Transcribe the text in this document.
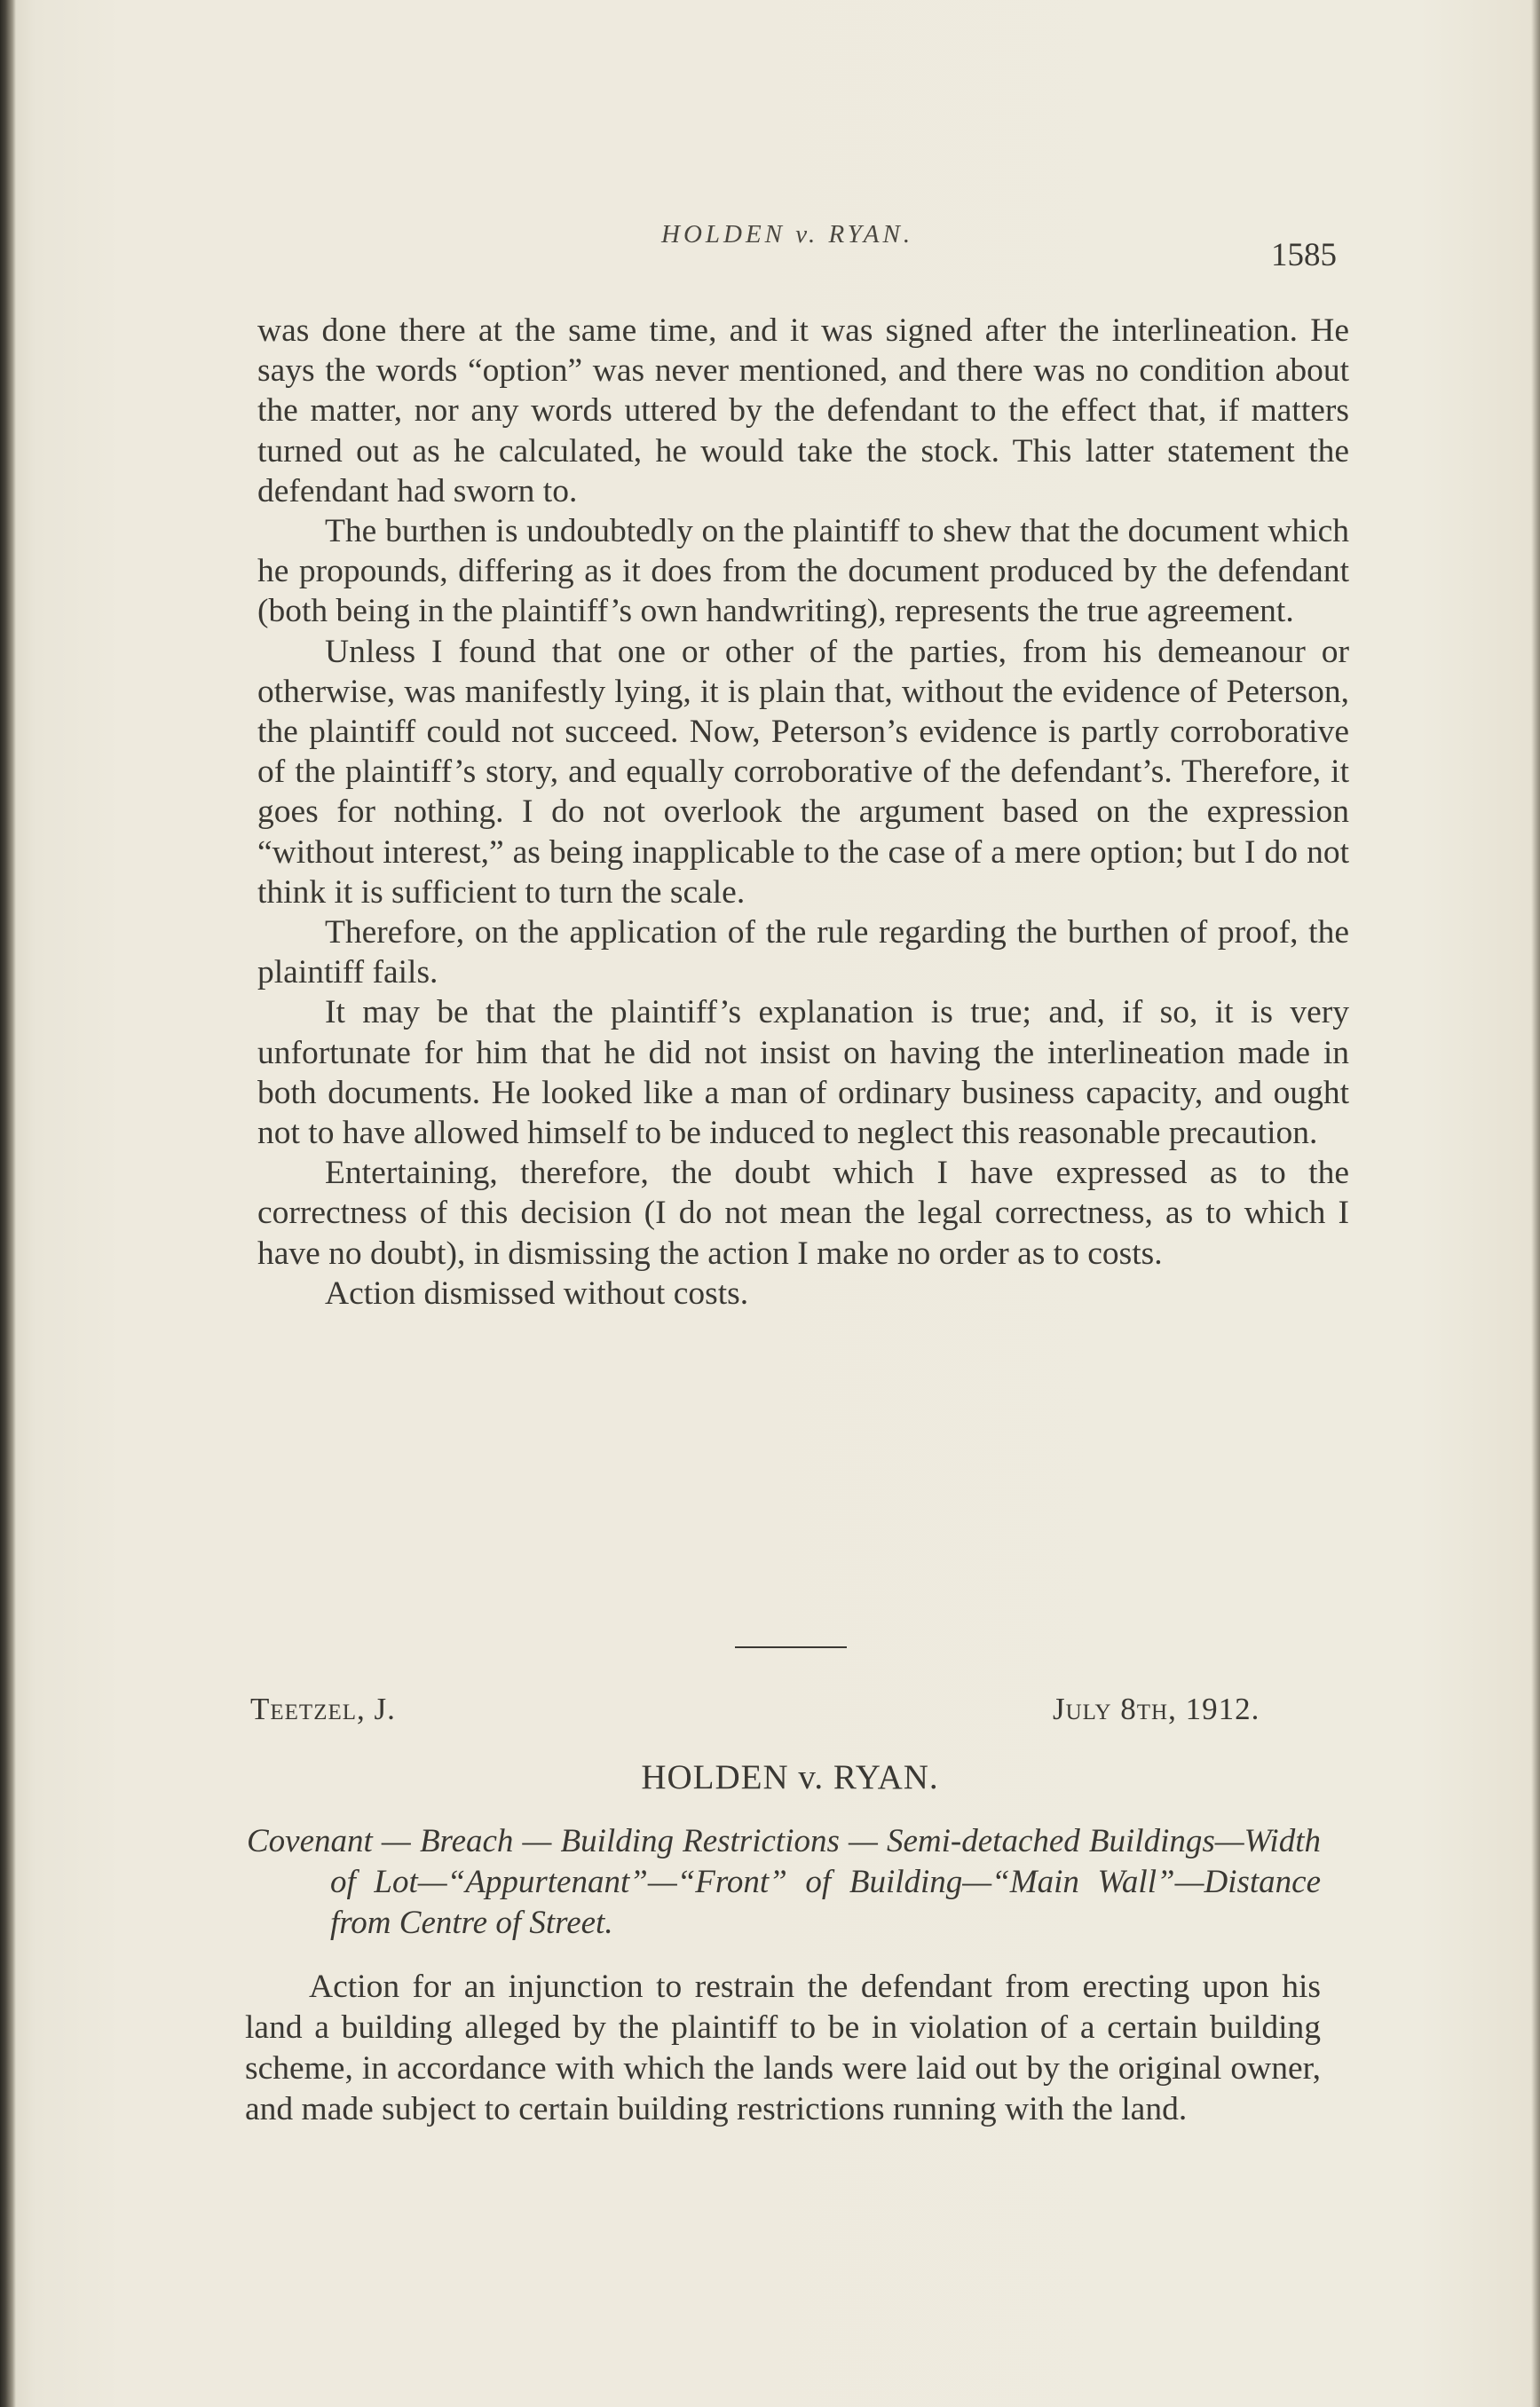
HOLDEN v. RYAN.
1585

was done there at the same time, and it was signed after the interlineation. He says the words “option” was never mentioned, and there was no condition about the matter, nor any words uttered by the defendant to the effect that, if matters turned out as he calculated, he would take the stock. This latter statement the defendant had sworn to.

The burthen is undoubtedly on the plaintiff to shew that the document which he propounds, differing as it does from the document produced by the defendant (both being in the plaintiff’s own handwriting), represents the true agreement.

Unless I found that one or other of the parties, from his demeanour or otherwise, was manifestly lying, it is plain that, without the evidence of Peterson, the plaintiff could not succeed. Now, Peterson’s evidence is partly corroborative of the plaintiff’s story, and equally corroborative of the defendant’s. Therefore, it goes for nothing. I do not overlook the argument based on the expression “without interest,” as being inapplicable to the case of a mere option; but I do not think it is sufficient to turn the scale.

Therefore, on the application of the rule regarding the burthen of proof, the plaintiff fails.

It may be that the plaintiff’s explanation is true; and, if so, it is very unfortunate for him that he did not insist on having the interlineation made in both documents. He looked like a man of ordinary business capacity, and ought not to have allowed himself to be induced to neglect this reasonable precaution.

Entertaining, therefore, the doubt which I have expressed as to the correctness of this decision (I do not mean the legal correctness, as to which I have no doubt), in dismissing the action I make no order as to costs.

Action dismissed without costs.

Teetzel, J.	July 8th, 1912.
HOLDEN v. RYAN.
Covenant — Breach — Building Restrictions — Semi-detached Buildings—Width of Lot—“Appurtenant”—“Front” of Building—“Main Wall”—Distance from Centre of Street.
Action for an injunction to restrain the defendant from erecting upon his land a building alleged by the plaintiff to be in violation of a certain building scheme, in accordance with which the lands were laid out by the original owner, and made subject to certain building restrictions running with the land.
